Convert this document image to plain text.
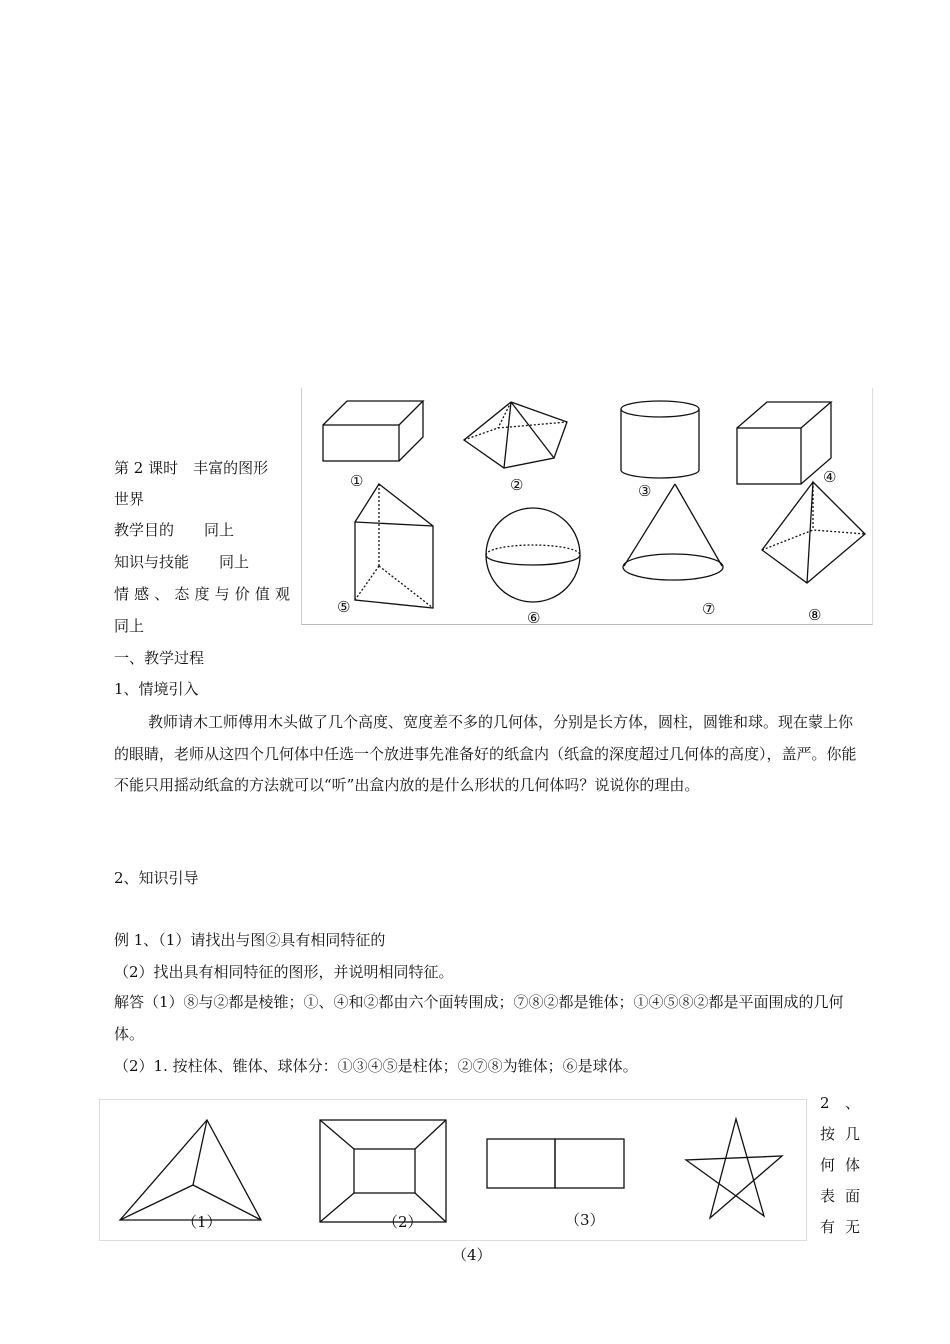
第 2 课时　丰富的图形
世界
教学目的　　同上
知识与技能　　同上
情感、态度与价值观
同上
①	②	③
④
⑤
⑥	⑦	⑧
一、教学过程
1、情境引入
教师请木工师傅用木头做了几个高度、宽度差不多的几何体，分别是长方体，圆柱，圆锥和球。现在蒙上你的眼睛，老师从这四个几何体中任选一个放进事先准备好的纸盒内（纸盒的深度超过几何体的高度），盖严。你能不能只用摇动纸盒的方法就可以“听”出盒内放的是什么形状的几何体吗？说说你的理由。
2、知识引导
例 1、（1）请找出与图②具有相同特征的
（2）找出具有相同特征的图形，并说明相同特征。
解答（1）⑧与②都是棱锥；①、④和②都由六个面转围成；⑦⑧②都是锥体；①④⑤⑧②都是平面围成的几何体。
（2）1. 按柱体、锥体、球体分：①③④⑤是柱体；②⑦⑧为锥体；⑥是球体。
（1）	（2）	（3）
（4）
2　、
按 几
何 体
表 面
有 无
